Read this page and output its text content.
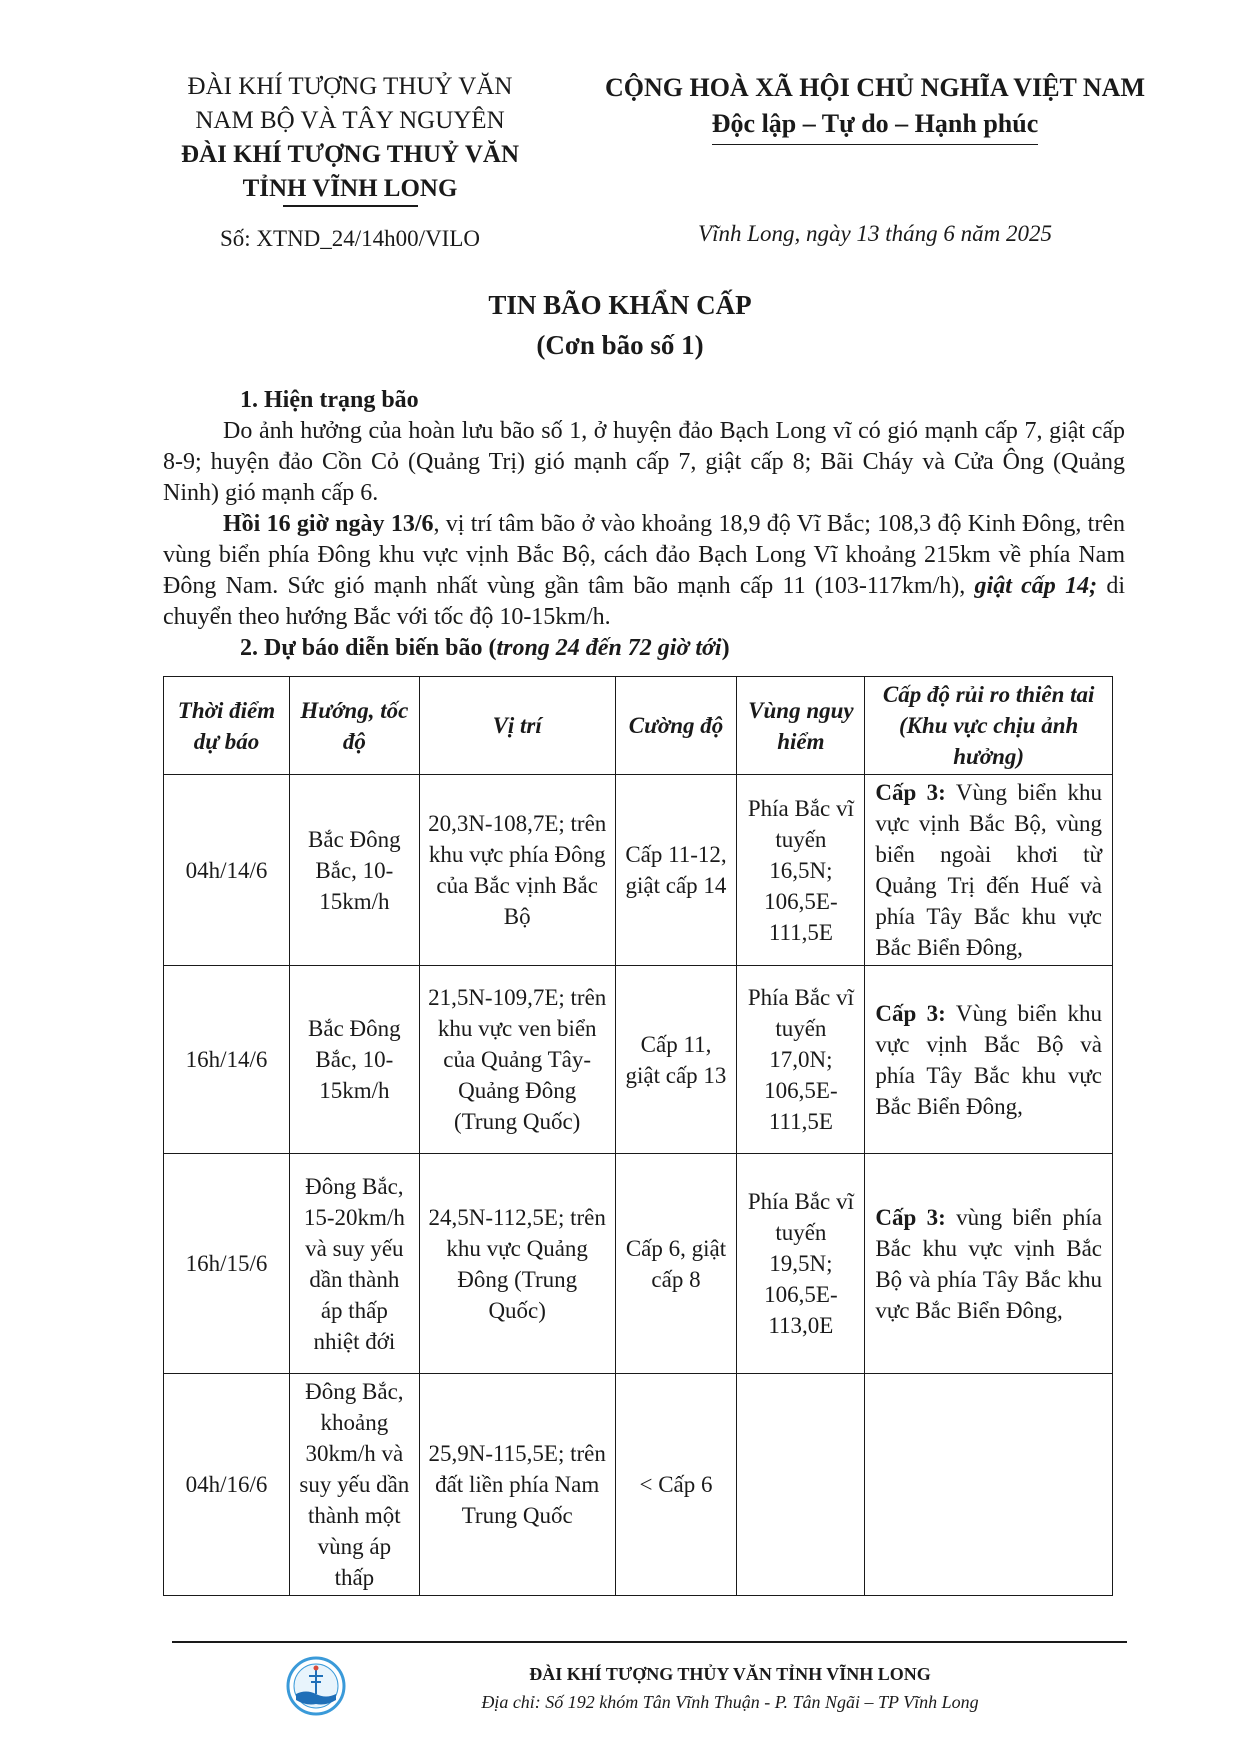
ĐÀI KHÍ TƯỢNG THUỶ VĂN
NAM BỘ VÀ TÂY NGUYÊN
ĐÀI KHÍ TƯỢNG THUỶ VĂN
TỈNH VĨNH LONG
Số: XTND_24/14h00/VILO
CỘNG HOÀ XÃ HỘI CHỦ NGHĨA VIỆT NAM
Độc lập – Tự do – Hạnh phúc
Vĩnh Long, ngày 13 tháng 6 năm 2025
TIN BÃO KHẨN CẤP
(Cơn bão số 1)
1. Hiện trạng bão

Do ảnh hưởng của hoàn lưu bão số 1, ở huyện đảo Bạch Long vĩ có gió mạnh cấp 7, giật cấp 8-9; huyện đảo Cồn Cỏ (Quảng Trị) gió mạnh cấp 7, giật cấp 8; Bãi Cháy và Cửa Ông (Quảng Ninh) gió mạnh cấp 6.

Hồi 16 giờ ngày 13/6, vị trí tâm bão ở vào khoảng 18,9 độ Vĩ Bắc; 108,3 độ Kinh Đông, trên vùng biển phía Đông khu vực vịnh Bắc Bộ, cách đảo Bạch Long Vĩ khoảng 215km về phía Nam Đông Nam. Sức gió mạnh nhất vùng gần tâm bão mạnh cấp 11 (103-117km/h), giật cấp 14; di chuyển theo hướng Bắc với tốc độ 10-15km/h.

2. Dự báo diễn biến bão (trong 24 đến 72 giờ tới)
Thời điểm dự báo	Hướng, tốc độ	Vị trí	Cường độ	Vùng nguy hiểm	Cấp độ rủi ro thiên tai (Khu vực chịu ảnh hưởng)
04h/14/6	Bắc Đông Bắc, 10-15km/h	20,3N-108,7E; trên khu vực phía Đông của Bắc vịnh Bắc Bộ	Cấp 11-12, giật cấp 14	Phía Bắc vĩ tuyến 16,5N; 106,5E-111,5E	Cấp 3: Vùng biển khu vực vịnh Bắc Bộ, vùng biển ngoài khơi từ Quảng Trị đến Huế và phía Tây Bắc khu vực Bắc Biển Đông,
16h/14/6	Bắc Đông Bắc, 10-15km/h	21,5N-109,7E; trên khu vực ven biển của Quảng Tây-Quảng Đông (Trung Quốc)	Cấp 11, giật cấp 13	Phía Bắc vĩ tuyến 17,0N; 106,5E-111,5E	Cấp 3: Vùng biển khu vực vịnh Bắc Bộ và phía Tây Bắc khu vực Bắc Biển Đông,
16h/15/6	Đông Bắc, 15-20km/h và suy yếu dần thành áp thấp nhiệt đới	24,5N-112,5E; trên khu vực Quảng Đông (Trung Quốc)	Cấp 6, giật cấp 8	Phía Bắc vĩ tuyến 19,5N; 106,5E-113,0E	Cấp 3: vùng biển phía Bắc khu vực vịnh Bắc Bộ và phía Tây Bắc khu vực Bắc Biển Đông,
04h/16/6	Đông Bắc, khoảng 30km/h và suy yếu dần thành một vùng áp thấp	25,9N-115,5E; trên đất liền phía Nam Trung Quốc	< Cấp 6		
ĐÀI KHÍ TƯỢNG THỦY VĂN TỈNH VĨNH LONG
Địa chỉ: Số 192 khóm Tân Vĩnh Thuận - P. Tân Ngãi – TP Vĩnh Long
